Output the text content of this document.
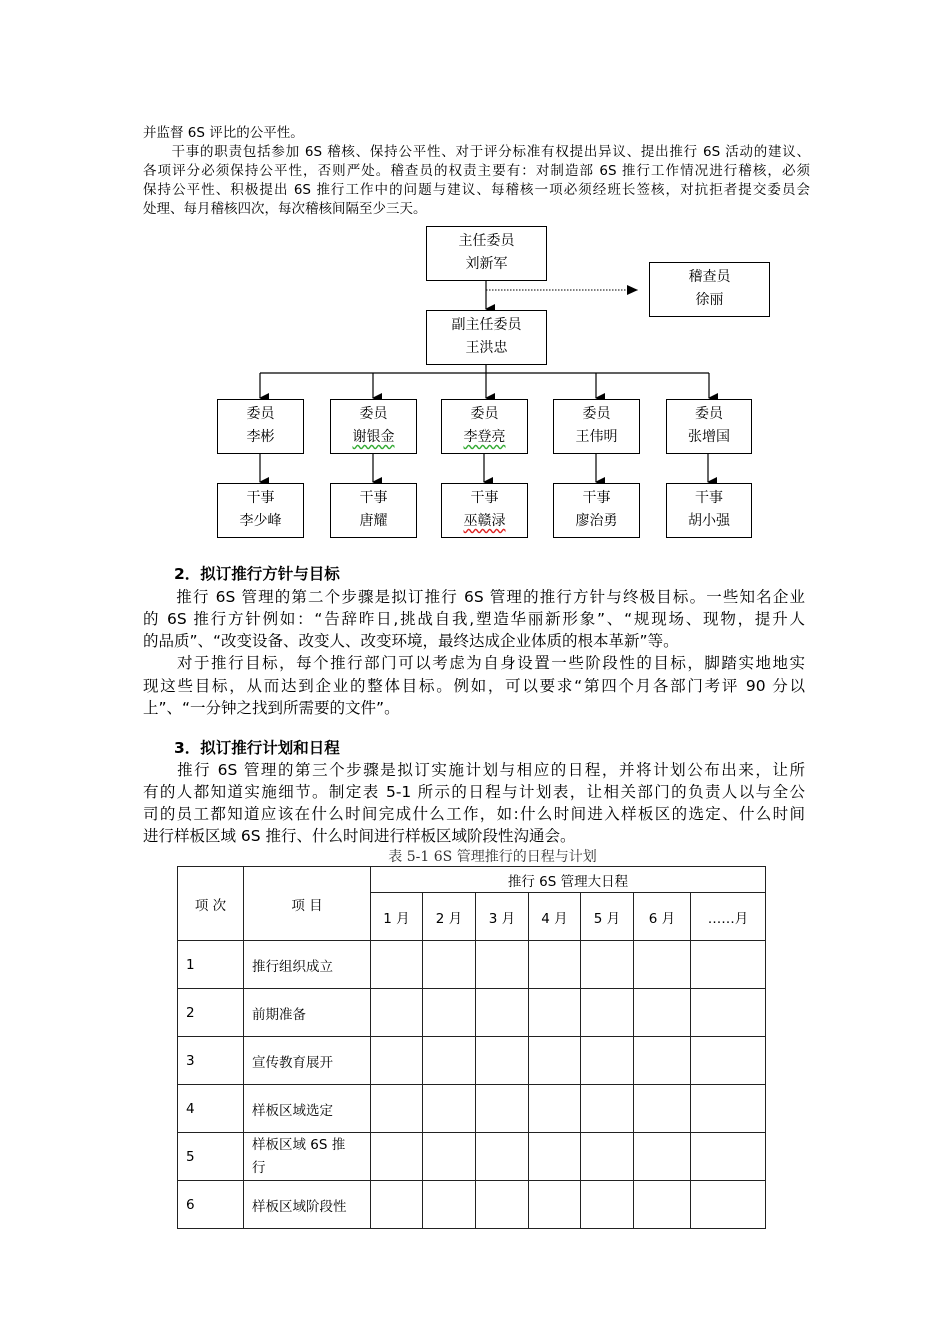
并监督 6S 评比的公平性。
　　干事的职责包括参加 6S 稽核、保持公平性、对于评分标准有权提出异议、提出推行 6S 活动的建议、
各项评分必须保持公平性，否则严处。稽查员的权责主要有：对制造部 6S 推行工作情况进行稽核，必须
保持公平性、积极提出 6S 推行工作中的问题与建议、每稽核一项必须经班长签核，对抗拒者提交委员会
处理、每月稽核四次，每次稽核间隔至少三天。
主任委员
刘新军
稽查员
徐丽
副主任委员
王洪忠
委员
李彬
委员
谢银金
委员
李登亮
委员
王伟明
委员
张增国
干事
李少峰
干事
唐耀
干事
巫赣渌
干事
廖治勇
干事
胡小强
　　2．拟订推行方针与目标
　　推行 6S 管理的第二个步骤是拟订推行 6S 管理的推行方针与终极目标。一些知名企业
的 6S 推行方针例如：“告辞昨日,挑战自我,塑造华丽新形象”、“规现场、现物，提升人
的品质”、“改变设备、改变人、改变环境，最终达成企业体质的根本革新”等。
　　对于推行目标，每个推行部门可以考虑为自身设置一些阶段性的目标，脚踏实地地实
现这些目标，从而达到企业的整体目标。例如，可以要求“第四个月各部门考评 90 分以
上”、“一分钟之找到所需要的文件”。
　　3．拟订推行计划和日程
　　推行 6S 管理的第三个步骤是拟订实施计划与相应的日程，并将计划公布出来，让所
有的人都知道实施细节。制定表 5-1 所示的日程与计划表，让相关部门的负责人以与全公
司的员工都知道应该在什么时间完成什么工作，如:什么时间进入样板区的选定、什么时间
进行样板区域 6S 推行、什么时间进行样板区域阶段性沟通会。
表 5-1 6S 管理推行的日程与计划
项 次	项 目	推行 6S 管理大日程						
		1 月	2 月	3 月	4 月	5 月	6 月	……月
1	推行组织成立							
2	前期准备							
3	宣传教育展开							
4	样板区域选定							
5	样板区域 6S 推行							
6	样板区域阶段性							
